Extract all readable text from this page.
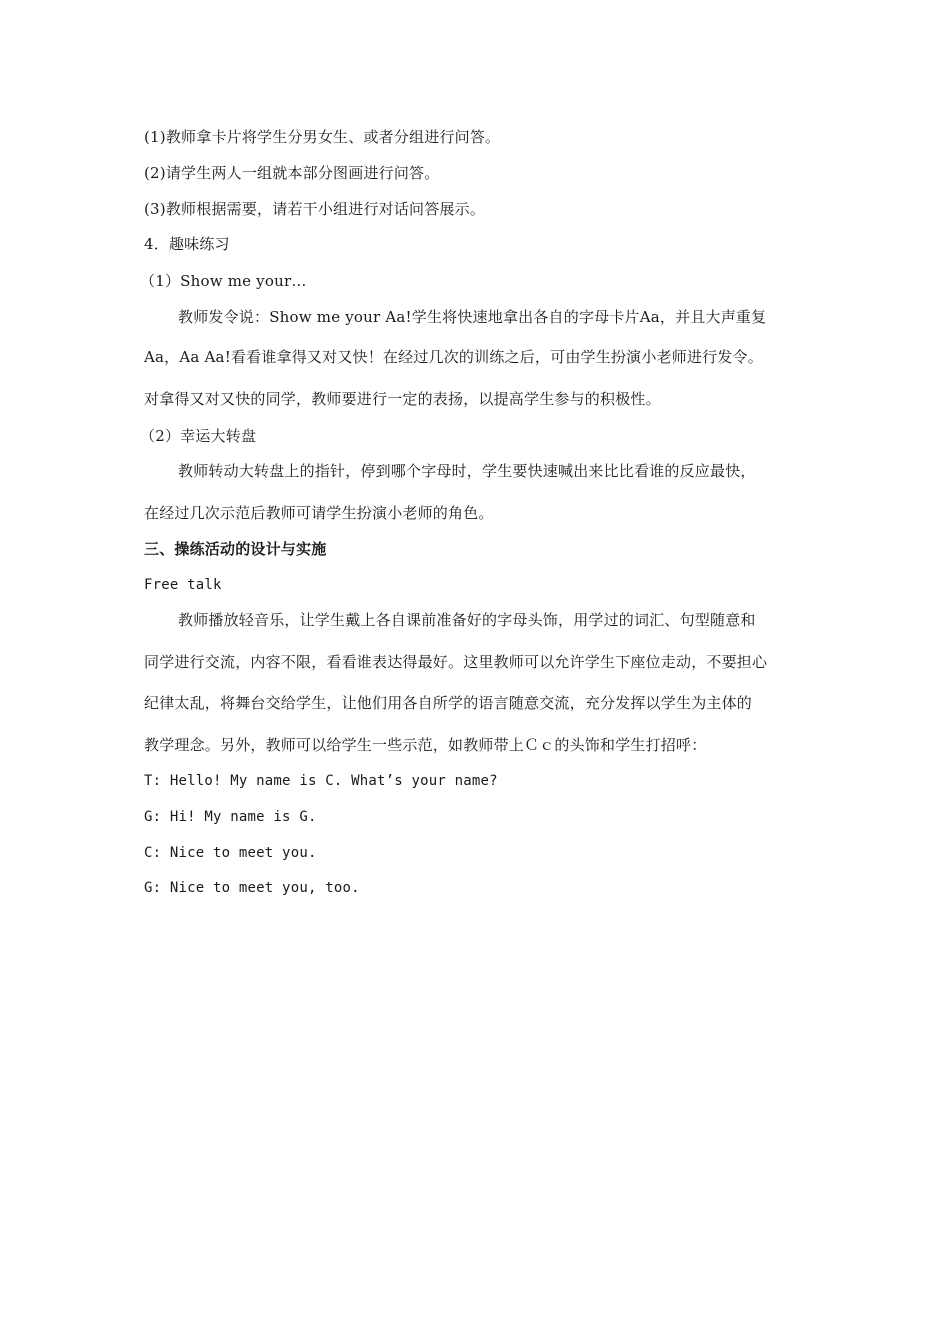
(1)教师拿卡片将学生分男女生、或者分组进行问答。
(2)请学生两人一组就本部分图画进行问答。
(3)教师根据需要，请若干小组进行对话问答展示。
4．趣味练习
（1）Show me your…
教师发令说：Show me your Aa!学生将快速地拿出各自的字母卡片Aa，并且大声重复
Aa，Aa Aa!看看谁拿得又对又快！在经过几次的训练之后，可由学生扮演小老师进行发令。
对拿得又对又快的同学，教师要进行一定的表扬，以提高学生参与的积极性。
（2）幸运大转盘
教师转动大转盘上的指针，停到哪个字母时，学生要快速喊出来比比看谁的反应最快，
在经过几次示范后教师可请学生扮演小老师的角色。
三、操练活动的设计与实施
Free talk
教师播放轻音乐，让学生戴上各自课前准备好的字母头饰，用学过的词汇、句型随意和
同学进行交流，内容不限，看看谁表达得最好。这里教师可以允许学生下座位走动，不要担心
纪律太乱，将舞台交给学生，让他们用各自所学的语言随意交流，充分发挥以学生为主体的
教学理念。另外，教师可以给学生一些示范，如教师带上Ｃｃ的头饰和学生打招呼：
T: Hello! My name is C. What’s your name?
G: Hi! My name is G.
C: Nice to meet you.
G: Nice to meet you, too.
